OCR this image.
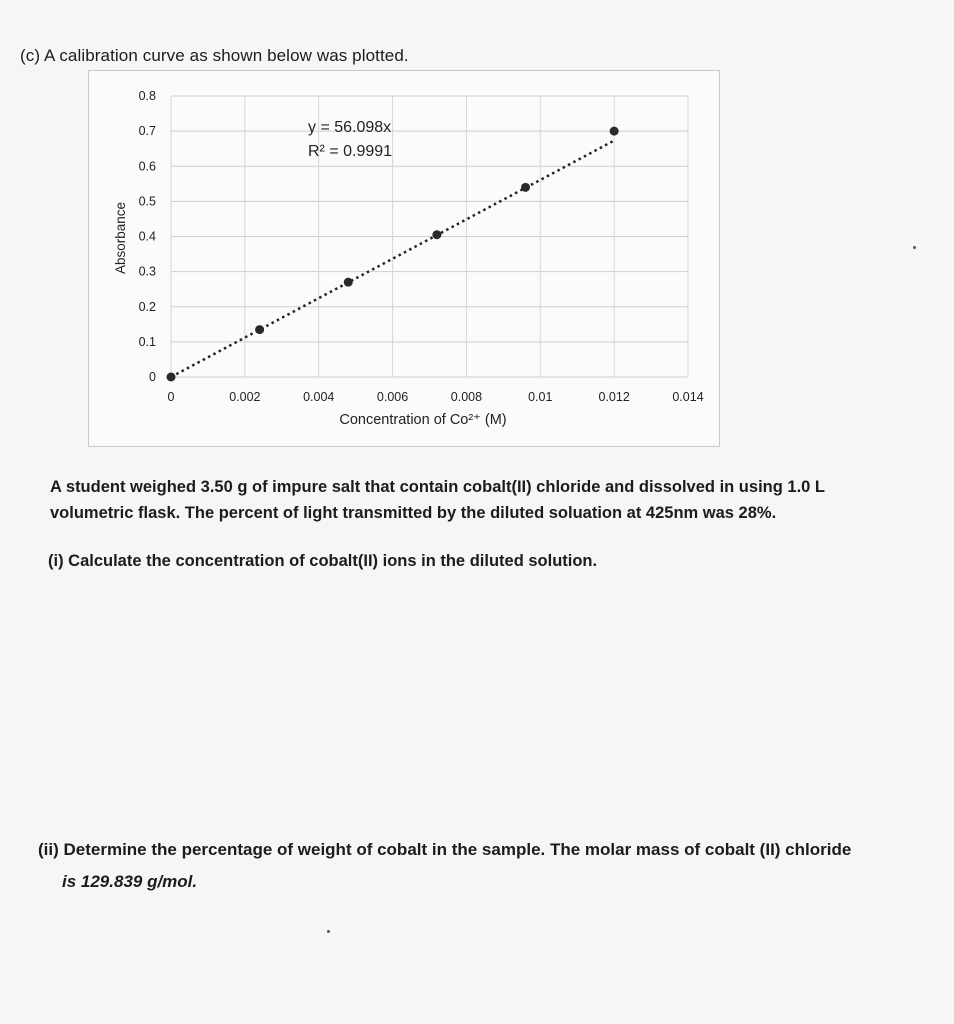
(c) A calibration curve as shown below was plotted.
0	0.002	0.004	0.006	0.008	0.01	0.012	0.014
0
0.1
0.2
0.3
0.4
0.5
0.6
0.7
0.8
y = 56.098x
R² = 0.9991
Concentration of Co²⁺ (M)
Absorbance
A student weighed 3.50 g of impure salt that contain cobalt(II) chloride and dissolved in using 1.0 L
volumetric flask. The percent of light transmitted by the diluted soluation at 425nm was 28%.
(i) Calculate the concentration of cobalt(II) ions in the diluted solution.
(ii) Determine the percentage of weight of cobalt in the sample. The molar mass of cobalt (II) chloride
is 129.839 g/mol.
